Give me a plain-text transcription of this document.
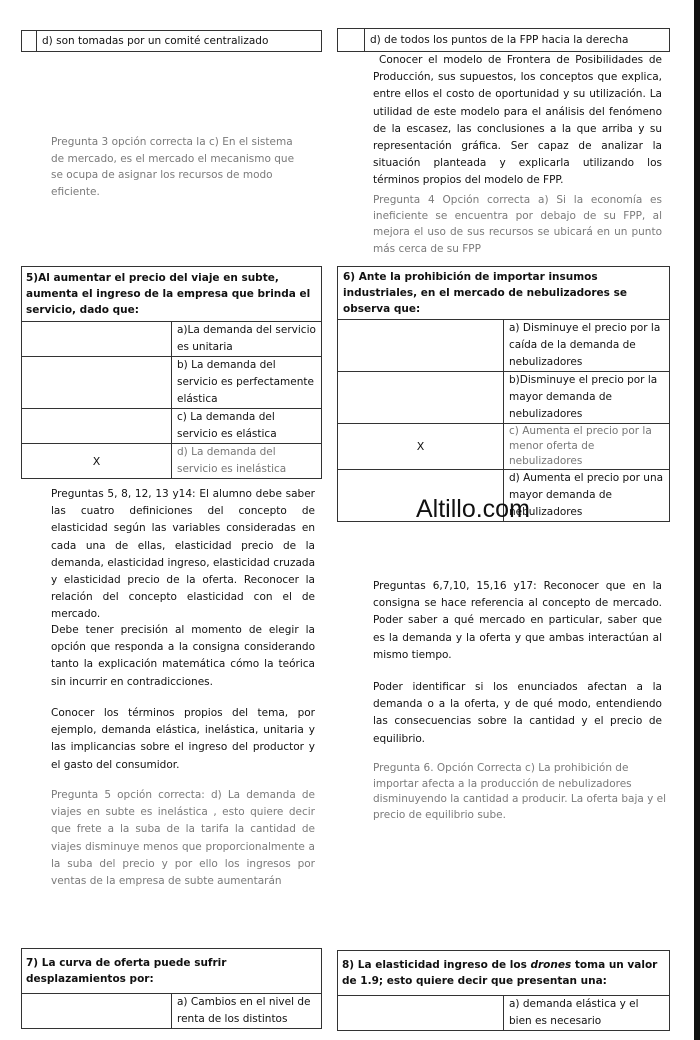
	d) son tomadas por un comité centralizado
		d) de todos los puntos de la FPP hacia la derecha

Pregunta 3 opción correcta la c) En el sistema de mercado, es el mercado el mecanismo que se ocupa de asignar los recursos de modo eficiente.

Conocer el modelo de Frontera de Posibilidades de Producción, sus supuestos, los conceptos que explica, entre ellos el costo de oportunidad y su utilización. La utilidad de este modelo para el análisis del fenómeno de la escasez, las conclusiones a la que arriba y su representación gráfica. Ser capaz de analizar la situación planteada y explicarla utilizando los términos propios del modelo de FPP.

Pregunta 4 Opción correcta a) Si la economía es ineficiente se encuentra por debajo de su FPP, al mejora el uso de sus recursos se ubicará en un punto más cerca de su FPP

5)Al aumentar el precio del viaje en subte, aumenta el ingreso de la empresa que brinda el servicio, dado que:	
	a)La demanda del servicio es unitaria
	b) La demanda del servicio es perfectamente elástica
	c) La demanda del servicio es elástica
X	d) La demanda del servicio es inelástica
6) Ante la prohibición de importar insumos industriales, en el mercado de nebulizadores se observa que:	
	a) Disminuye el precio por la caída de la demanda de nebulizadores
	b)Disminuye el precio por la mayor demanda de nebulizadores
X	c) Aumenta el precio por la menor oferta de nebulizadores
	d) Aumenta el precio por una mayor demanda de nebulizadores

Preguntas 5, 8, 12, 13 y14: El alumno debe saber las cuatro definiciones del concepto de elasticidad según las variables consideradas en cada una de ellas, elasticidad precio de la demanda, elasticidad ingreso, elasticidad cruzada y elasticidad precio de la oferta. Reconocer la relación del concepto elasticidad con el de mercado.

Debe tener precisión al momento de elegir la opción que responda a la consigna considerando tanto la explicación matemática cómo la teórica sin incurrir en contradicciones.

Conocer los términos propios del tema, por ejemplo, demanda elástica, inelástica, unitaria y las implicancias sobre el ingreso del productor y el gasto del consumidor.

Pregunta 5 opción correcta: d) La demanda de viajes en subte es inelástica , esto quiere decir que frete a la suba de la tarifa la cantidad de viajes disminuye menos que proporcionalmente a la suba del precio y por ello los ingresos por ventas de la empresa de subte aumentarán

Altillo.com

Preguntas 6,7,10, 15,16 y17: Reconocer que en la consigna se hace referencia al concepto de mercado. Poder saber a qué mercado en particular, saber que es la demanda y la oferta y que ambas interactúan al mismo tiempo.

Poder identificar si los enunciados afectan a la demanda o a la oferta, y de qué modo, entendiendo las consecuencias sobre la cantidad y el precio de equilibrio.

Pregunta 6. Opción Correcta c) La prohibición de importar afecta a la producción de nebulizadores disminuyendo la cantidad a producir. La oferta baja y el precio de equilibrio sube.

7) La curva de oferta puede sufrir desplazamientos por:
	a) Cambios en el nivel de renta de los distintos
8) La elasticidad ingreso de los drones toma un valor de 1.9; esto quiere decir que presentan una:
	a) demanda elástica y el bien es necesario
